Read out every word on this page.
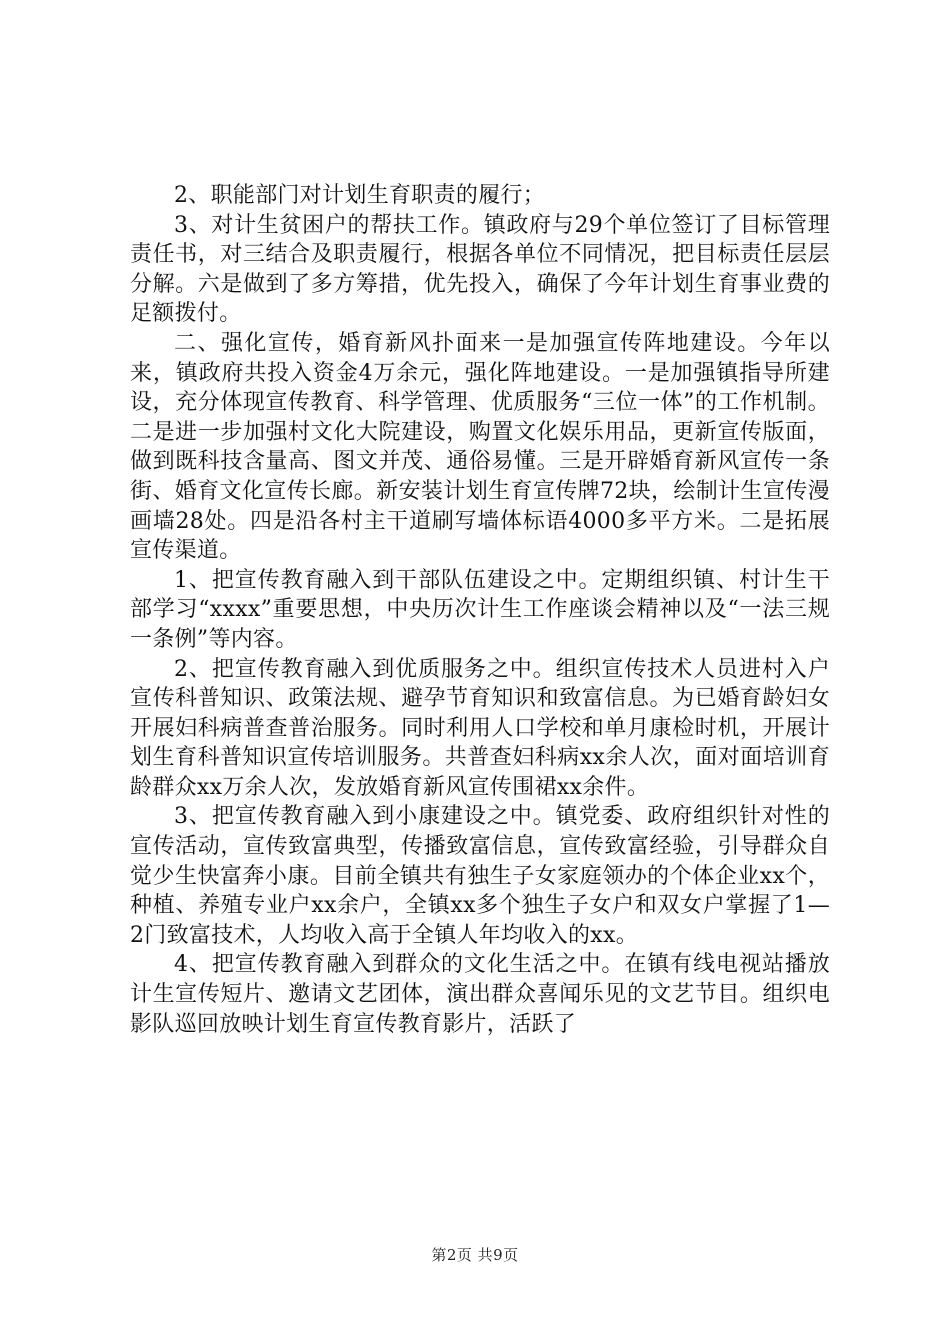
2、职能部门对计划生育职责的履行；

3、对计生贫困户的帮扶工作。镇政府与29个单位签订了目标管理责任书，对三结合及职责履行，根据各单位不同情况，把目标责任层层分解。六是做到了多方筹措，优先投入，确保了今年计划生育事业费的足额拨付。

二、强化宣传，婚育新风扑面来一是加强宣传阵地建设。今年以来，镇政府共投入资金4万余元，强化阵地建设。一是加强镇指导所建设，充分体现宣传教育、科学管理、优质服务“三位一体”的工作机制。二是进一步加强村文化大院建设，购置文化娱乐用品，更新宣传版面，做到既科技含量高、图文并茂、通俗易懂。三是开辟婚育新风宣传一条街、婚育文化宣传长廊。新安装计划生育宣传牌72块，绘制计生宣传漫画墙28处。四是沿各村主干道刷写墙体标语4000多平方米。二是拓展宣传渠道。

1、把宣传教育融入到干部队伍建设之中。定期组织镇、村计生干部学习“xxxx”重要思想，中央历次计生工作座谈会精神以及“一法三规一条例”等内容。

2、把宣传教育融入到优质服务之中。组织宣传技术人员进村入户宣传科普知识、政策法规、避孕节育知识和致富信息。为已婚育龄妇女开展妇科病普查普治服务。同时利用人口学校和单月康检时机，开展计划生育科普知识宣传培训服务。共普查妇科病xx余人次，面对面培训育龄群众xx万余人次，发放婚育新风宣传围裙xx余件。

3、把宣传教育融入到小康建设之中。镇党委、政府组织针对性的宣传活动，宣传致富典型，传播致富信息，宣传致富经验，引导群众自觉少生快富奔小康。目前全镇共有独生子女家庭领办的个体企业xx个，种植、养殖专业户xx余户，全镇xx多个独生子女户和双女户掌握了1—2门致富技术，人均收入高于全镇人年均收入的xx。

4、把宣传教育融入到群众的文化生活之中。在镇有线电视站播放计生宣传短片、邀请文艺团体，演出群众喜闻乐见的文艺节目。组织电影队巡回放映计划生育宣传教育影片，活跃了

第2页 共9页
